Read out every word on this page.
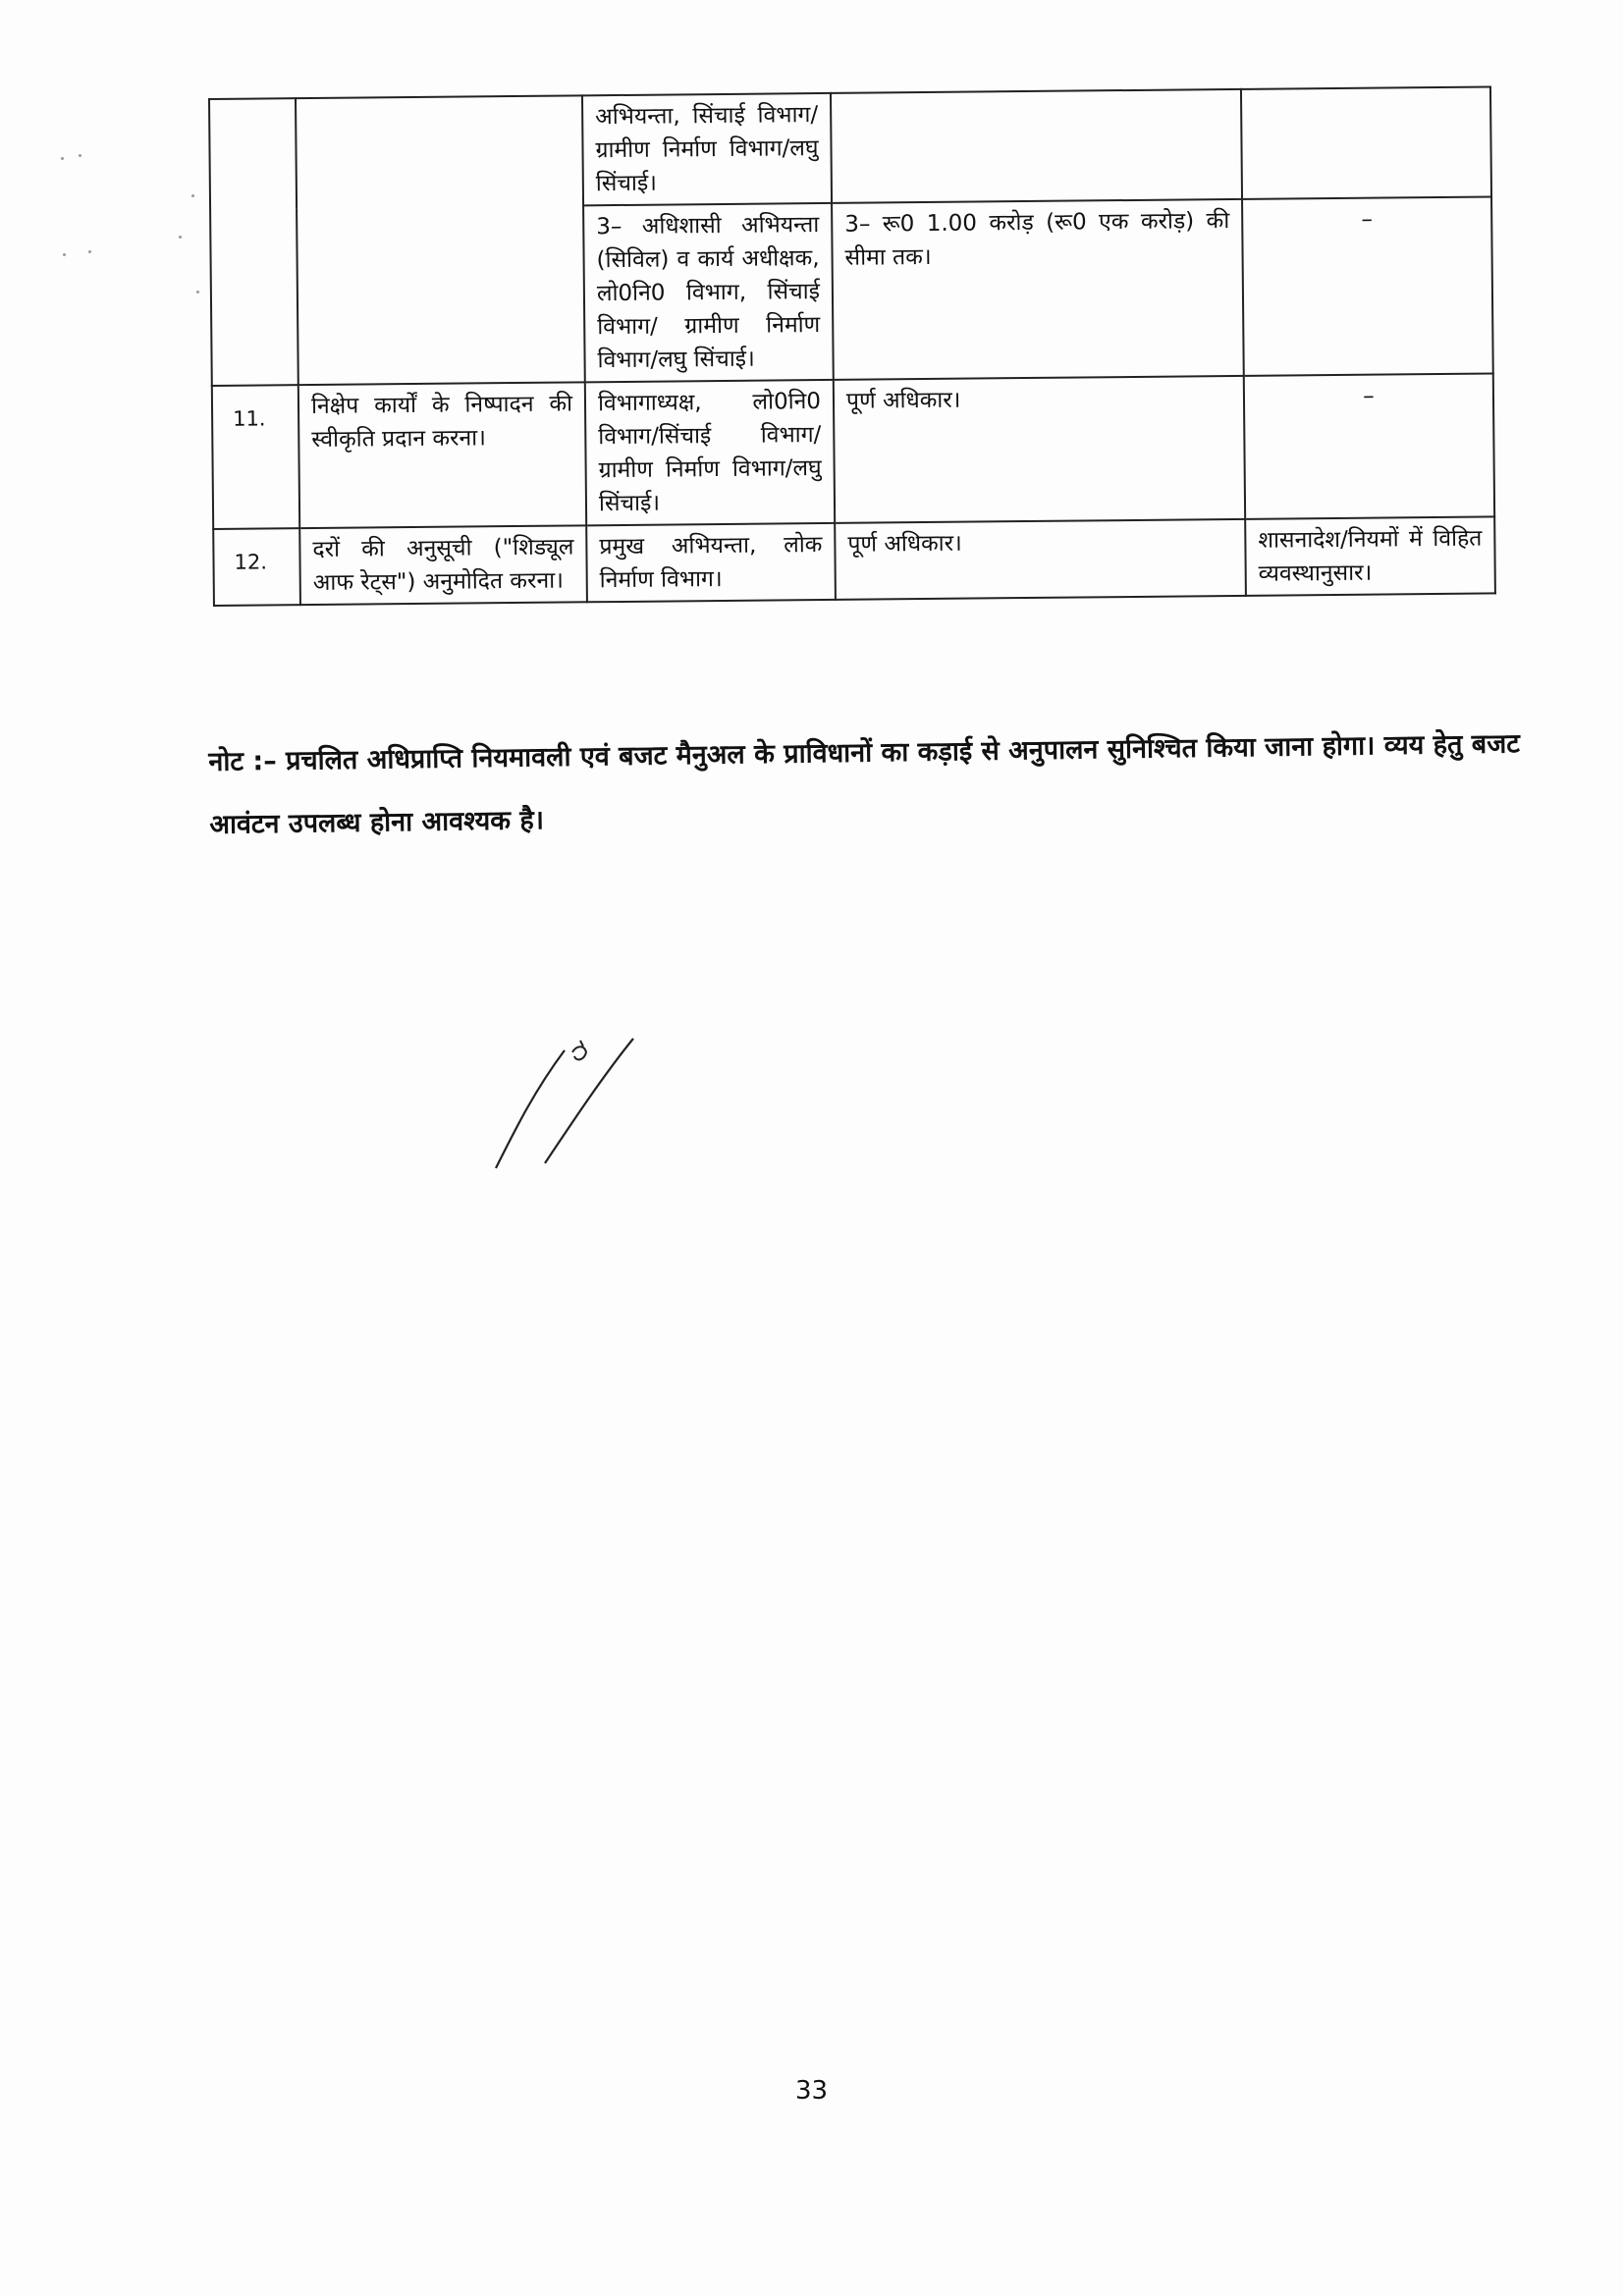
		अभियन्ता, सिंचाई विभाग/ ग्रामीण निर्माण विभाग/लघु सिंचाई।		
		3– अधिशासी अभियन्ता (सिविल) व कार्य अधीक्षक, लो0नि0 विभाग, सिंचाई विभाग/ ग्रामीण निर्माण विभाग/लघु सिंचाई।	3– रू0 1.00 करोड़ (रू0 एक करोड़) की सीमा तक।	–

11.	निक्षेप कार्यों के निष्पादन की स्वीकृति प्रदान करना।	विभागाध्यक्ष, लो0नि0 विभाग/सिंचाई विभाग/ ग्रामीण निर्माण विभाग/लघु सिंचाई।	पूर्ण अधिकार।	–

12.	दरों की अनुसूची ("शिड्यूल आफ रेट्स") अनुमोदित करना।	प्रमुख अभियन्ता, लोक निर्माण विभाग।	पूर्ण अधिकार।	शासनादेश/नियमों में विहित व्यवस्थानुसार।
नोट :– प्रचलित अधिप्राप्ति नियमावली एवं बजट मैनुअल के प्राविधानों का कड़ाई से अनुपालन सुनिश्चित किया जाना होगा। व्यय हेतु बजट आवंटन उपलब्ध होना आवश्यक है।
33
